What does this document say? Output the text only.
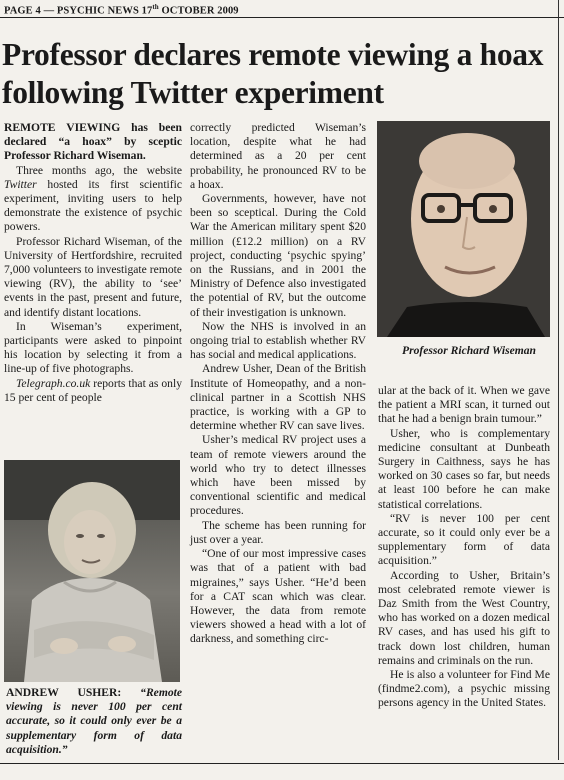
PAGE 4 — PSYCHIC NEWS 17th OCTOBER 2009
Professor declares remote viewing a hoax following Twitter experiment

REMOTE VIEWING has been declared “a hoax” by sceptic Professor Richard Wiseman.

Three months ago, the website Twitter hosted its first scientific experiment, inviting users to help demonstrate the existence of psychic powers.

Professor Richard Wiseman, of the University of Hertfordshire, recruited 7,000 volunteers to investigate remote viewing (RV), the ability to ‘see’ events in the past, present and future, and identify distant locations.

In Wiseman’s experiment, participants were asked to pinpoint his location by selecting it from a line-up of five photographs.

Telegraph.co.uk reports that as only 15 per cent of people

ANDREW USHER: “Remote viewing is never 100 per cent accurate, so it could only ever be a supplementary form of data acquisition.”

correctly predicted Wiseman’s location, despite what he had determined as a 20 per cent probability, he pronounced RV to be a hoax.

Governments, however, have not been so sceptical. During the Cold War the American military spent $20 million (£12.2 million) on a RV project, conducting ‘psychic spying’ on the Russians, and in 2001 the Ministry of Defence also investigated the potential of RV, but the outcome of their investigation is unknown.

Now the NHS is involved in an ongoing trial to establish whether RV has social and medical applications.

Andrew Usher, Dean of the British Institute of Homeopathy, and a non-clinical partner in a Scottish NHS practice, is working with a GP to determine whether RV can save lives.

Usher’s medical RV project uses a team of remote viewers around the world who try to detect illnesses which have been missed by conventional scientific and medical procedures.

The scheme has been running for just over a year.

“One of our most impressive cases was that of a patient with bad migraines,” says Usher. “He’d been for a CAT scan which was clear. However, the data from remote viewers showed a head with a lot of darkness, and something circ-

Professor Richard Wiseman

ular at the back of it. When we gave the patient a MRI scan, it turned out that he had a benign brain tumour.”

Usher, who is complementary medicine consultant at Dunbeath Surgery in Caithness, says he has worked on 30 cases so far, but needs at least 100 before he can make statistical correlations.

“RV is never 100 per cent accurate, so it could only ever be a supplementary form of data acquisition.”

According to Usher, Britain’s most celebrated remote viewer is Daz Smith from the West Country, who has worked on a dozen medical RV cases, and has used his gift to track down lost children, human remains and criminals on the run.

He is also a volunteer for Find Me (findme2.com), a psychic missing persons agency in the United States.
